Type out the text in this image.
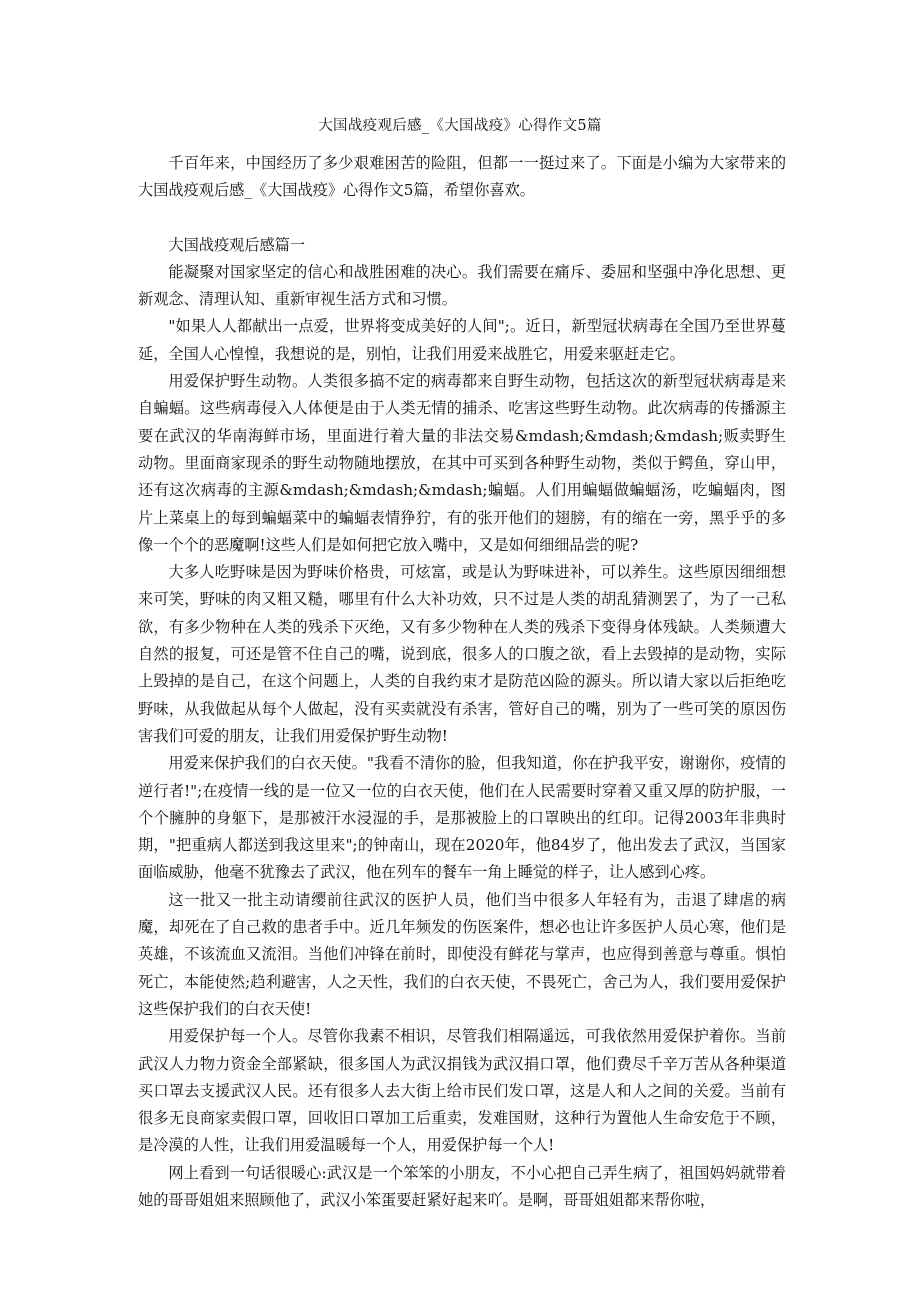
大国战疫观后感_《大国战疫》心得作文5篇

千百年来，中国经历了多少艰难困苦的险阻，但都一一挺过来了。下面是小编为大家带来的大国战疫观后感_《大国战疫》心得作文5篇，希望你喜欢。

大国战疫观后感篇一

能凝聚对国家坚定的信心和战胜困难的决心。我们需要在痛斥、委屈和坚强中净化思想、更新观念、清理认知、重新审视生活方式和习惯。

"如果人人都献出一点爱，世界将变成美好的人间";。近日，新型冠状病毒在全国乃至世界蔓延，全国人心惶惶，我想说的是，别怕，让我们用爱来战胜它，用爱来驱赶走它。

用爱保护野生动物。人类很多搞不定的病毒都来自野生动物，包括这次的新型冠状病毒是来自蝙蝠。这些病毒侵入人体便是由于人类无情的捕杀、吃害这些野生动物。此次病毒的传播源主要在武汉的华南海鲜市场，里面进行着大量的非法交易&mdash;&mdash;&mdash;贩卖野生动物。里面商家现杀的野生动物随地摆放，在其中可买到各种野生动物，类似于鳄鱼，穿山甲，还有这次病毒的主源&mdash;&mdash;&mdash;蝙蝠。人们用蝙蝠做蝙蝠汤，吃蝙蝠肉，图片上菜桌上的每到蝙蝠菜中的蝙蝠表情狰狞，有的张开他们的翅膀，有的缩在一旁，黑乎乎的多像一个个的恶魔啊!这些人们是如何把它放入嘴中，又是如何细细品尝的呢?

大多人吃野味是因为野味价格贵，可炫富，或是认为野味进补，可以养生。这些原因细细想来可笑，野味的肉又粗又糙，哪里有什么大补功效，只不过是人类的胡乱猜测罢了，为了一己私欲，有多少物种在人类的残杀下灭绝，又有多少物种在人类的残杀下变得身体残缺。人类频遭大自然的报复，可还是管不住自己的嘴，说到底，很多人的口腹之欲，看上去毁掉的是动物，实际上毁掉的是自己，在这个问题上，人类的自我约束才是防范凶险的源头。所以请大家以后拒绝吃野味，从我做起从每个人做起，没有买卖就没有杀害，管好自己的嘴，别为了一些可笑的原因伤害我们可爱的朋友，让我们用爱保护野生动物!

用爱来保护我们的白衣天使。"我看不清你的脸，但我知道，你在护我平安，谢谢你，疫情的逆行者!";在疫情一线的是一位又一位的白衣天使，他们在人民需要时穿着又重又厚的防护服，一个个臃肿的身躯下，是那被汗水浸湿的手，是那被脸上的口罩映出的红印。记得2003年非典时期，"把重病人都送到我这里来";的钟南山，现在2020年，他84岁了，他出发去了武汉，当国家面临威胁，他毫不犹豫去了武汉，他在列车的餐车一角上睡觉的样子，让人感到心疼。

这一批又一批主动请缨前往武汉的医护人员，他们当中很多人年轻有为，击退了肆虐的病魔，却死在了自己救的患者手中。近几年频发的伤医案件，想必也让许多医护人员心寒，他们是英雄，不该流血又流泪。当他们冲锋在前时，即使没有鲜花与掌声，也应得到善意与尊重。惧怕死亡，本能使然;趋利避害，人之天性，我们的白衣天使，不畏死亡，舍己为人，我们要用爱保护这些保护我们的白衣天使!

用爱保护每一个人。尽管你我素不相识，尽管我们相隔遥远，可我依然用爱保护着你。当前武汉人力物力资金全部紧缺，很多国人为武汉捐钱为武汉捐口罩，他们费尽千辛万苦从各种渠道买口罩去支援武汉人民。还有很多人去大街上给市民们发口罩，这是人和人之间的关爱。当前有很多无良商家卖假口罩，回收旧口罩加工后重卖，发难国财，这种行为置他人生命安危于不顾，是冷漠的人性，让我们用爱温暖每一个人，用爱保护每一个人!

网上看到一句话很暖心:武汉是一个笨笨的小朋友，不小心把自己弄生病了，祖国妈妈就带着她的哥哥姐姐来照顾他了，武汉小笨蛋要赶紧好起来吖。是啊，哥哥姐姐都来帮你啦，
